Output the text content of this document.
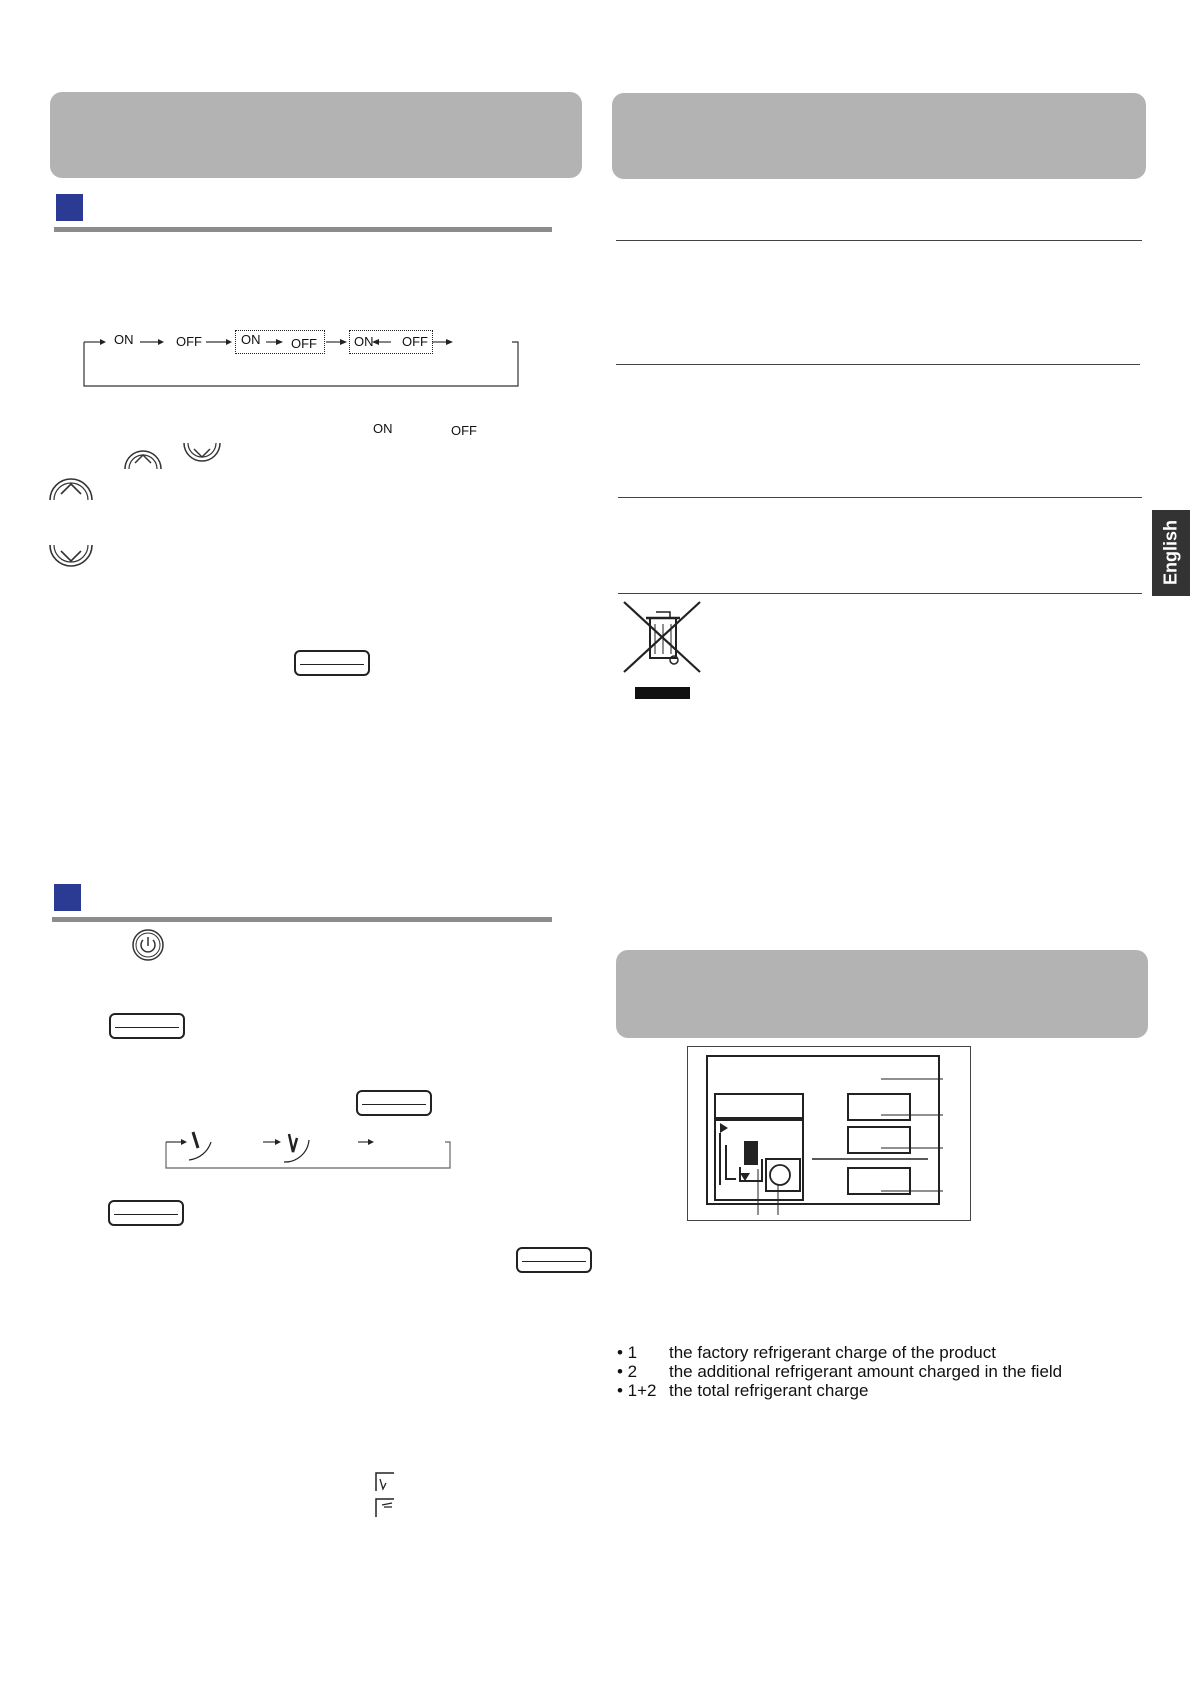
ON	OFF	ON OFF	ON OFF
ON	OFF
English
• 1 the factory refrigerant charge of the product
• 2 the additional refrigerant amount charged in the field
• 1+2 the total refrigerant charge
